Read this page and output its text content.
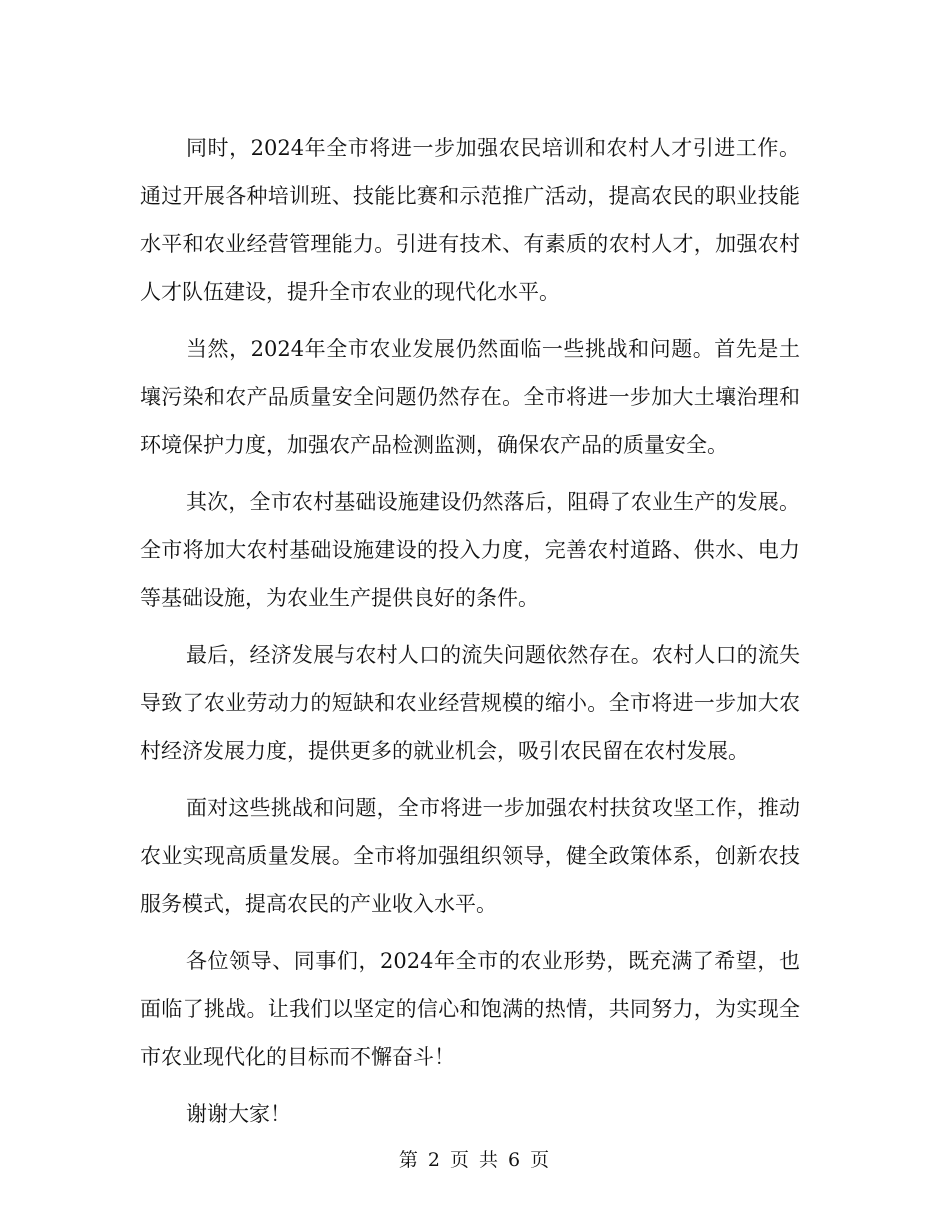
同时，2024年全市将进一步加强农民培训和农村人才引进工作。通过开展各种培训班、技能比赛和示范推广活动，提高农民的职业技能水平和农业经营管理能力。引进有技术、有素质的农村人才，加强农村人才队伍建设，提升全市农业的现代化水平。

当然，2024年全市农业发展仍然面临一些挑战和问题。首先是土壤污染和农产品质量安全问题仍然存在。全市将进一步加大土壤治理和环境保护力度，加强农产品检测监测，确保农产品的质量安全。

其次，全市农村基础设施建设仍然落后，阻碍了农业生产的发展。全市将加大农村基础设施建设的投入力度，完善农村道路、供水、电力等基础设施，为农业生产提供良好的条件。

最后，经济发展与农村人口的流失问题依然存在。农村人口的流失导致了农业劳动力的短缺和农业经营规模的缩小。全市将进一步加大农村经济发展力度，提供更多的就业机会，吸引农民留在农村发展。

面对这些挑战和问题，全市将进一步加强农村扶贫攻坚工作，推动农业实现高质量发展。全市将加强组织领导，健全政策体系，创新农技服务模式，提高农民的产业收入水平。

各位领导、同事们，2024年全市的农业形势，既充满了希望，也面临了挑战。让我们以坚定的信心和饱满的热情，共同努力，为实现全市农业现代化的目标而不懈奋斗！

谢谢大家！

第 2 页 共 6 页
